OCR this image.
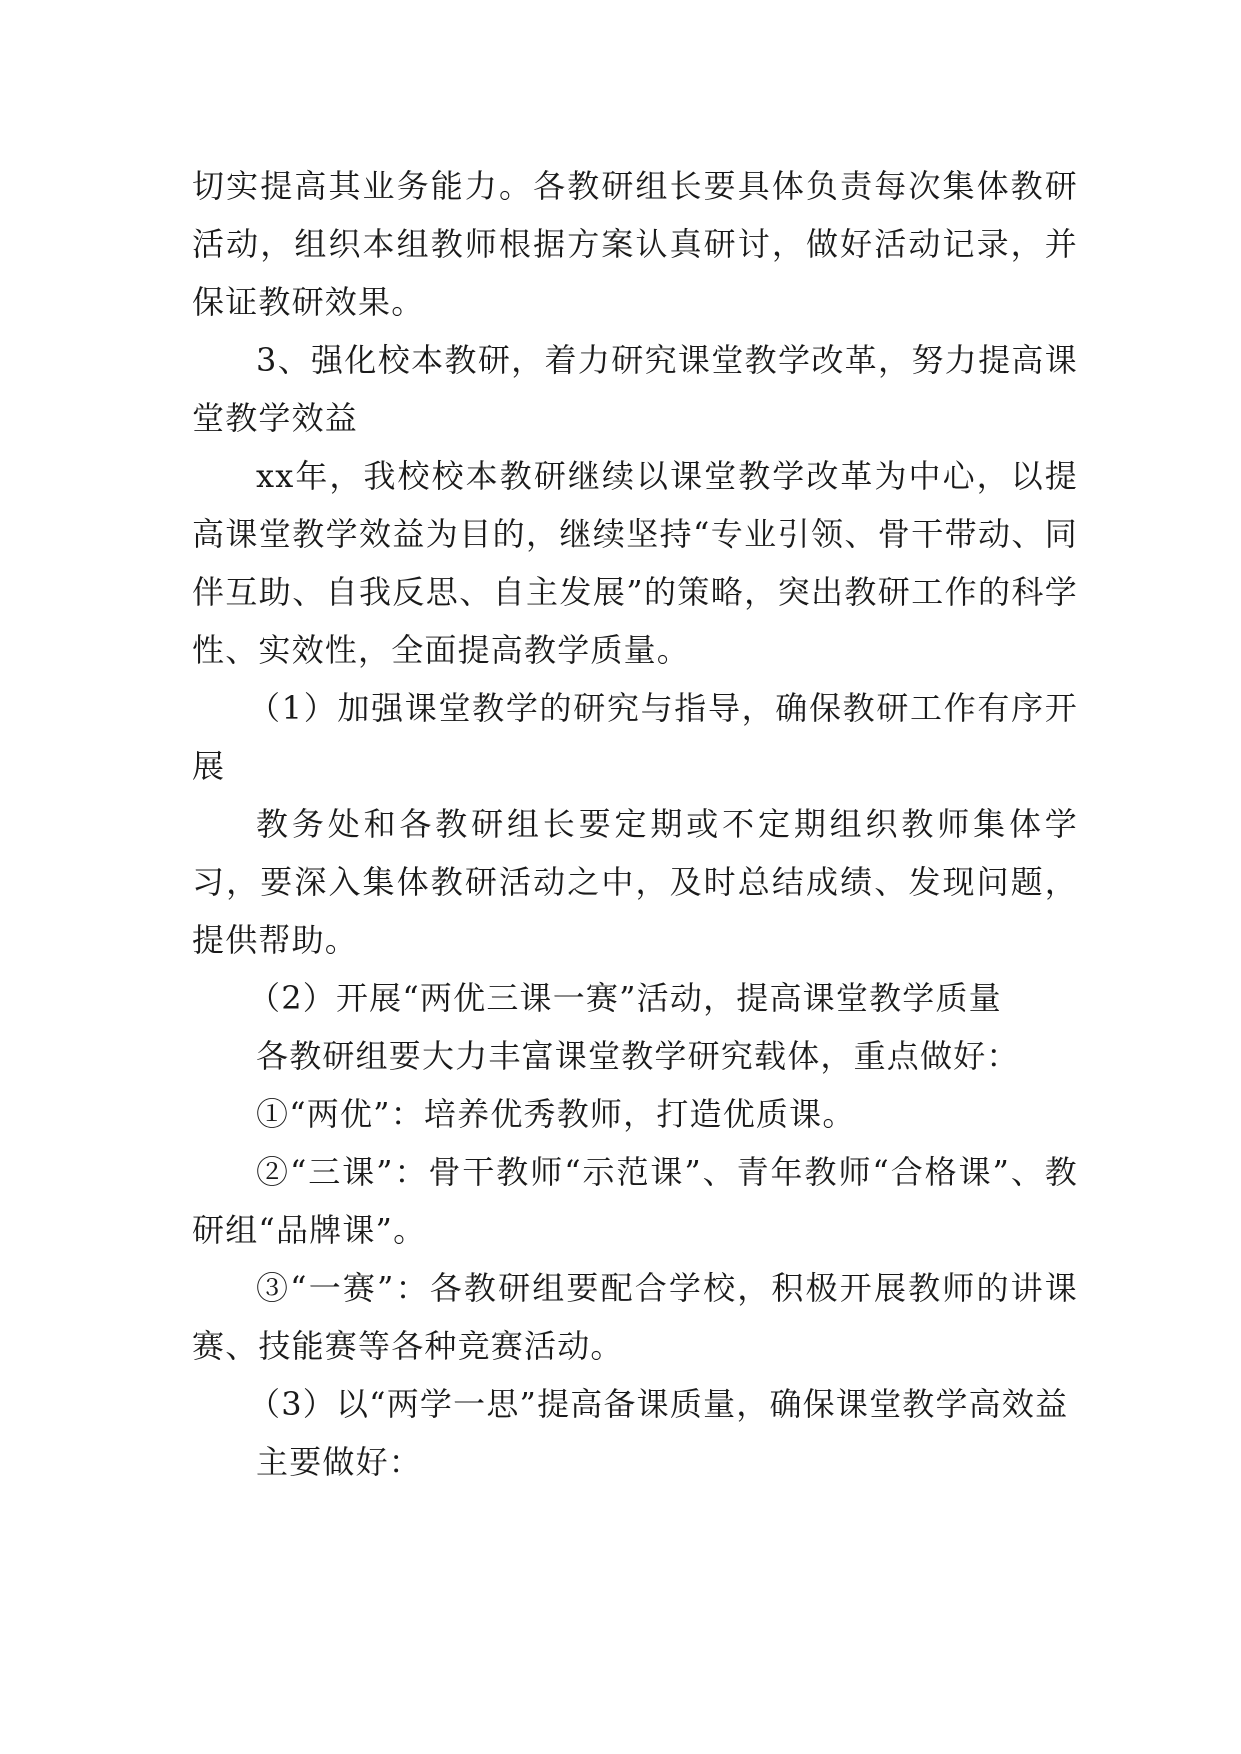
切实提高其业务能力。各教研组长要具体负责每次集体教研活动，组织本组教师根据方案认真研讨，做好活动记录，并保证教研效果。

3、强化校本教研，着力研究课堂教学改革，努力提高课堂教学效益

xx年，我校校本教研继续以课堂教学改革为中心，以提高课堂教学效益为目的，继续坚持“专业引领、骨干带动、同伴互助、自我反思、自主发展”的策略，突出教研工作的科学性、实效性，全面提高教学质量。

（1）加强课堂教学的研究与指导，确保教研工作有序开展

教务处和各教研组长要定期或不定期组织教师集体学习，要深入集体教研活动之中，及时总结成绩、发现问题，提供帮助。

（2）开展“两优三课一赛”活动，提高课堂教学质量

各教研组要大力丰富课堂教学研究载体，重点做好：

①“两优”：培养优秀教师，打造优质课。

②“三课”：骨干教师“示范课”、青年教师“合格课”、教研组“品牌课”。

③“一赛”：各教研组要配合学校，积极开展教师的讲课赛、技能赛等各种竞赛活动。

（3）以“两学一思”提高备课质量，确保课堂教学高效益

主要做好：
